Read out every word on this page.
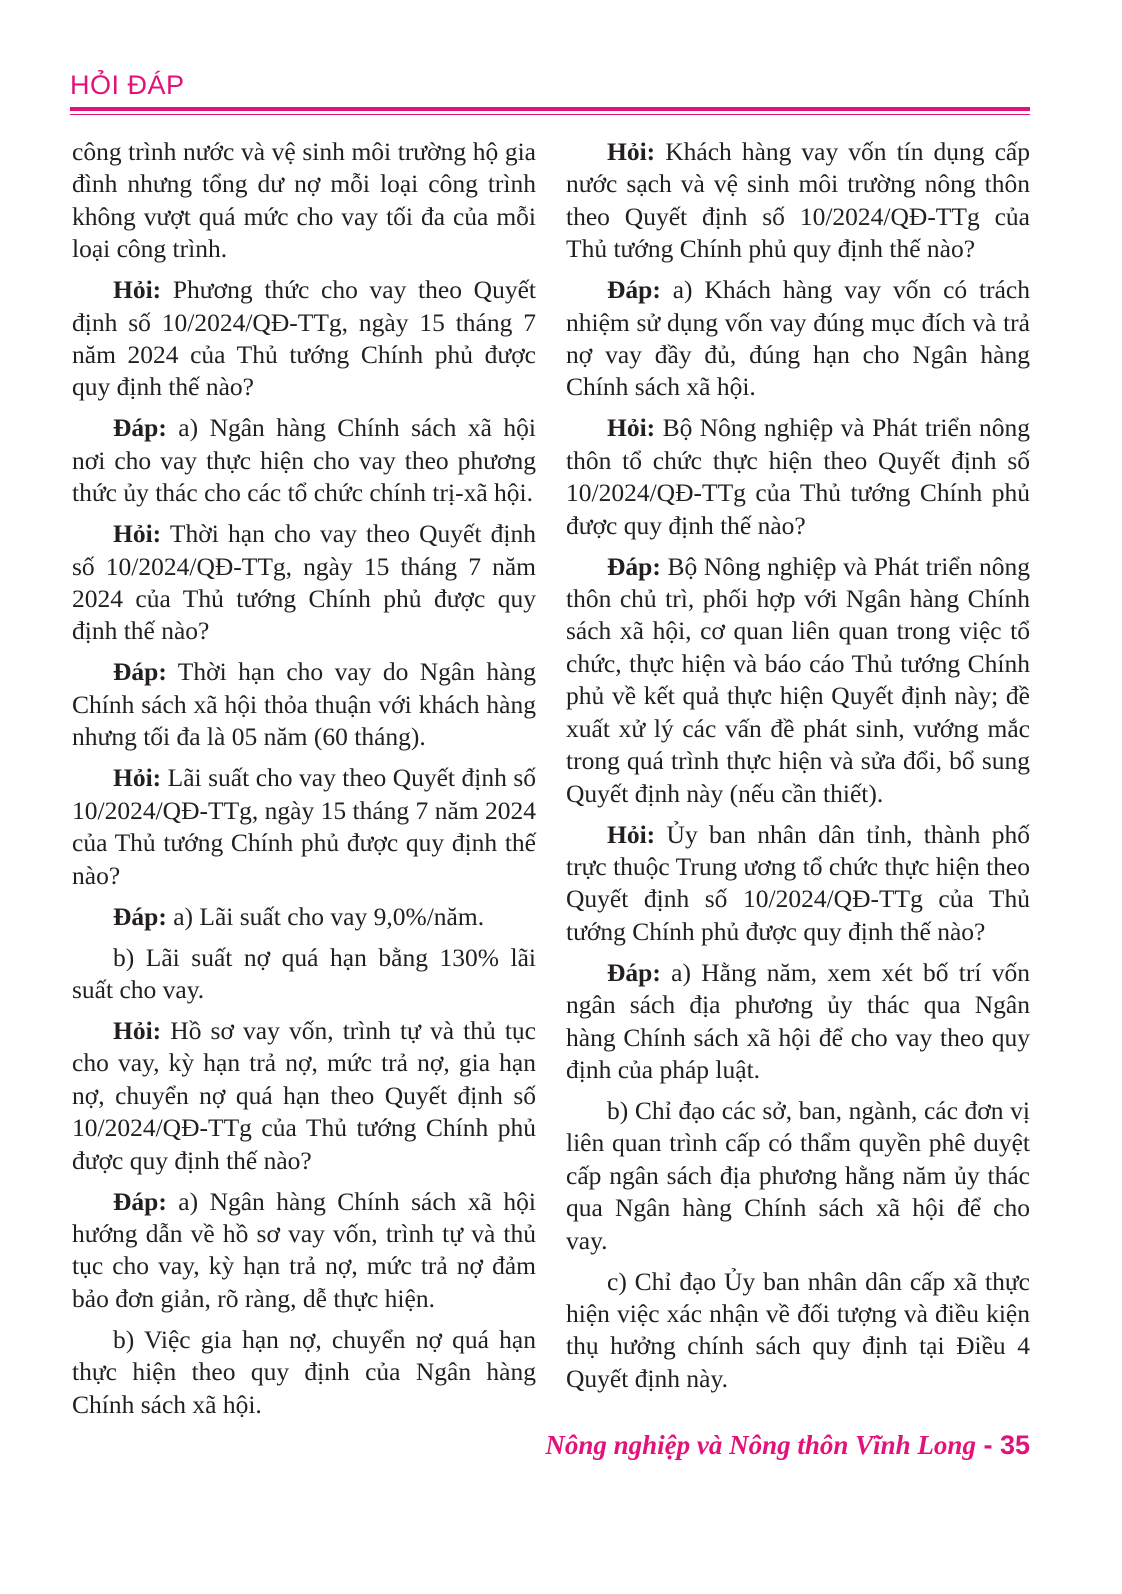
HỎI ĐÁP

công trình nước và vệ sinh môi trường hộ gia đình nhưng tổng dư nợ mỗi loại công trình không vượt quá mức cho vay tối đa của mỗi loại công trình.

Hỏi: Phương thức cho vay theo Quyết định số 10/2024/QĐ-TTg, ngày 15 tháng 7 năm 2024 của Thủ tướng Chính phủ được quy định thế nào?

Đáp: a) Ngân hàng Chính sách xã hội nơi cho vay thực hiện cho vay theo phương thức ủy thác cho các tổ chức chính trị-xã hội.

Hỏi: Thời hạn cho vay theo Quyết định số 10/2024/QĐ-TTg, ngày 15 tháng 7 năm 2024 của Thủ tướng Chính phủ được quy định thế nào?

Đáp: Thời hạn cho vay do Ngân hàng Chính sách xã hội thỏa thuận với khách hàng nhưng tối đa là 05 năm (60 tháng).

Hỏi: Lãi suất cho vay theo Quyết định số 10/2024/QĐ-TTg, ngày 15 tháng 7 năm 2024 của Thủ tướng Chính phủ được quy định thế nào?

Đáp: a) Lãi suất cho vay 9,0%/năm.

b) Lãi suất nợ quá hạn bằng 130% lãi suất cho vay.

Hỏi: Hồ sơ vay vốn, trình tự và thủ tục cho vay, kỳ hạn trả nợ, mức trả nợ, gia hạn nợ, chuyển nợ quá hạn theo Quyết định số 10/2024/QĐ-TTg của Thủ tướng Chính phủ được quy định thế nào?

Đáp: a) Ngân hàng Chính sách xã hội hướng dẫn về hồ sơ vay vốn, trình tự và thủ tục cho vay, kỳ hạn trả nợ, mức trả nợ đảm bảo đơn giản, rõ ràng, dễ thực hiện.

b) Việc gia hạn nợ, chuyển nợ quá hạn thực hiện theo quy định của Ngân hàng Chính sách xã hội.

Hỏi: Khách hàng vay vốn tín dụng cấp nước sạch và vệ sinh môi trường nông thôn theo Quyết định số 10/2024/QĐ-TTg của Thủ tướng Chính phủ quy định thế nào?

Đáp: a) Khách hàng vay vốn có trách nhiệm sử dụng vốn vay đúng mục đích và trả nợ vay đầy đủ, đúng hạn cho Ngân hàng Chính sách xã hội.

Hỏi: Bộ Nông nghiệp và Phát triển nông thôn tổ chức thực hiện theo Quyết định số 10/2024/QĐ-TTg của Thủ tướng Chính phủ được quy định thế nào?

Đáp: Bộ Nông nghiệp và Phát triển nông thôn chủ trì, phối hợp với Ngân hàng Chính sách xã hội, cơ quan liên quan trong việc tổ chức, thực hiện và báo cáo Thủ tướng Chính phủ về kết quả thực hiện Quyết định này; đề xuất xử lý các vấn đề phát sinh, vướng mắc trong quá trình thực hiện và sửa đổi, bổ sung Quyết định này (nếu cần thiết).

Hỏi: Ủy ban nhân dân tỉnh, thành phố trực thuộc Trung ương tổ chức thực hiện theo Quyết định số 10/2024/QĐ-TTg của Thủ tướng Chính phủ được quy định thế nào?

Đáp: a) Hằng năm, xem xét bố trí vốn ngân sách địa phương ủy thác qua Ngân hàng Chính sách xã hội để cho vay theo quy định của pháp luật.

b) Chỉ đạo các sở, ban, ngành, các đơn vị liên quan trình cấp có thẩm quyền phê duyệt cấp ngân sách địa phương hằng năm ủy thác qua Ngân hàng Chính sách xã hội để cho vay.

c) Chỉ đạo Ủy ban nhân dân cấp xã thực hiện việc xác nhận về đối tượng và điều kiện thụ hưởng chính sách quy định tại Điều 4 Quyết định này.

Nông nghiệp và Nông thôn Vĩnh Long - 35
